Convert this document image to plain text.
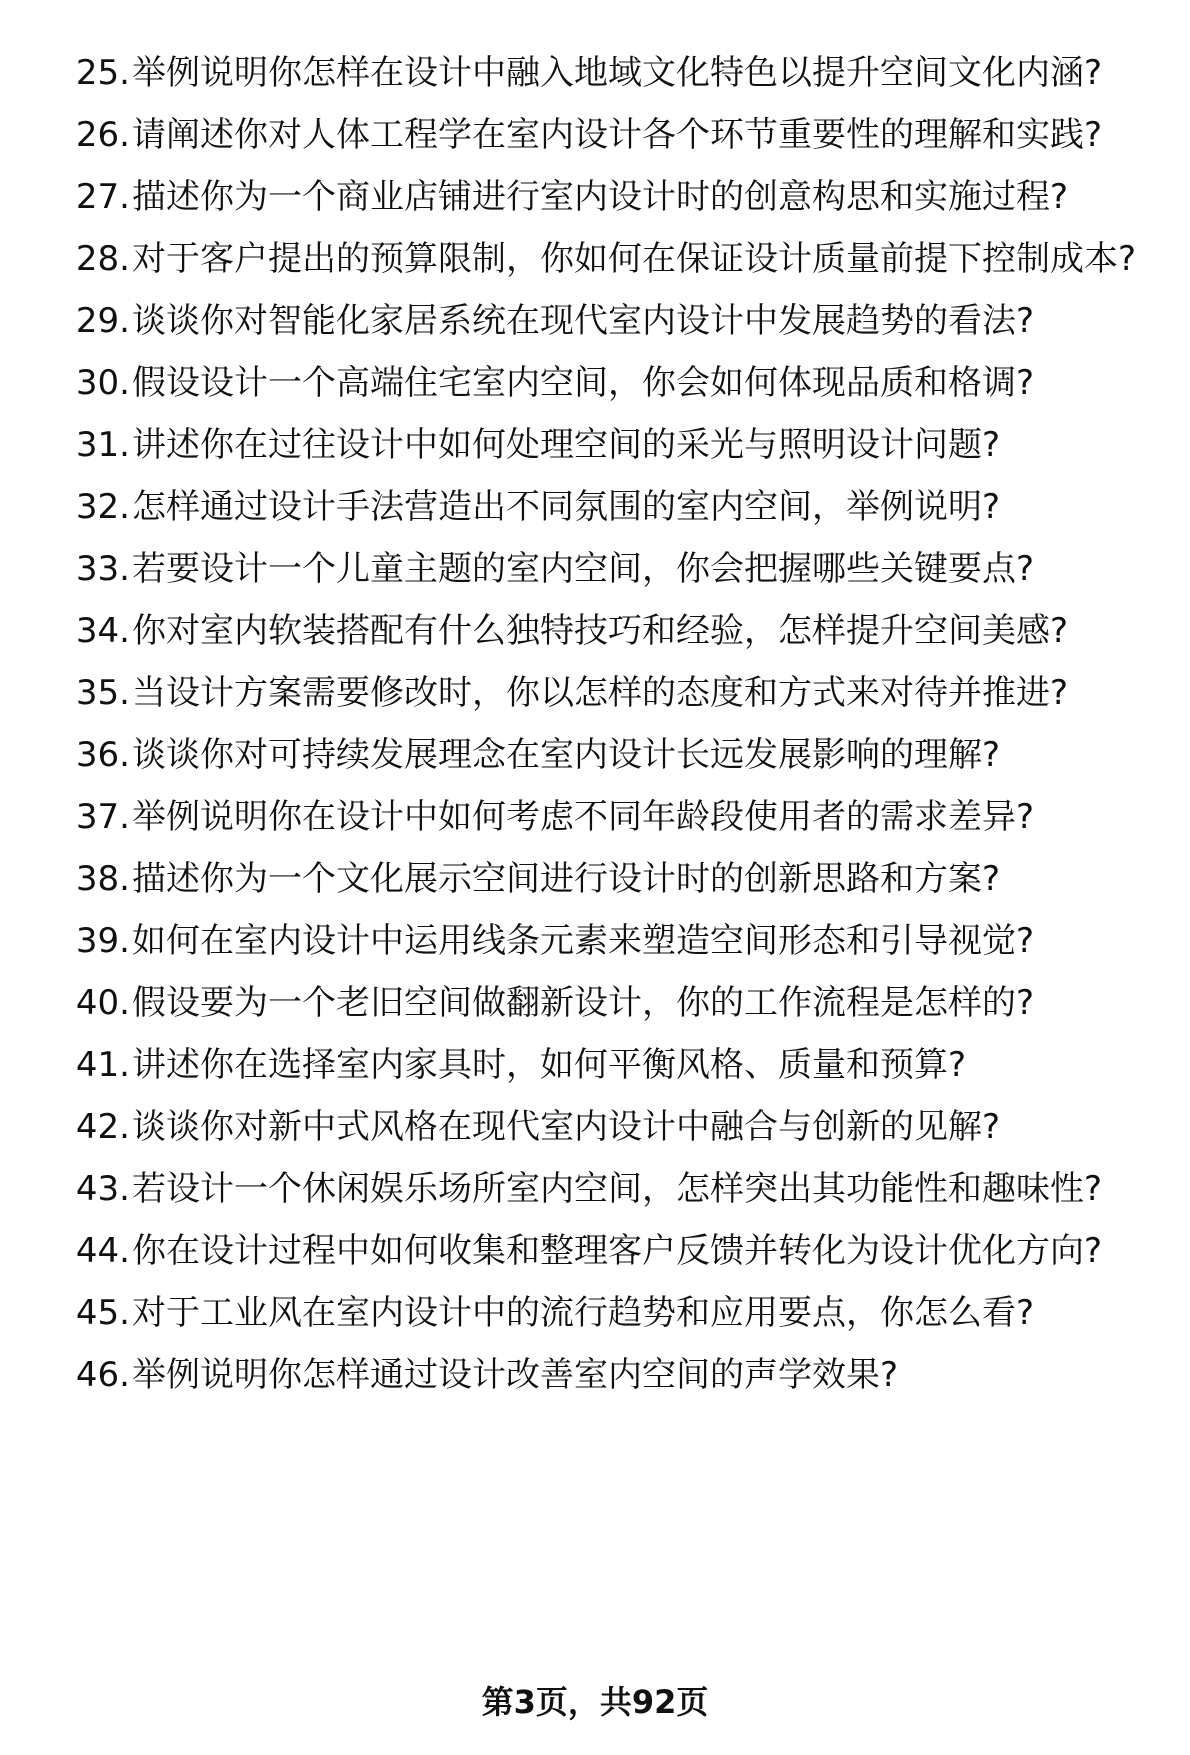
25. 举例说明你怎样在设计中融入地域文化特色以提升空间文化内涵?
26. 请阐述你对人体工程学在室内设计各个环节重要性的理解和实践?
27. 描述你为一个商业店铺进行室内设计时的创意构思和实施过程?
28. 对于客户提出的预算限制，你如何在保证设计质量前提下控制成本?
29. 谈谈你对智能化家居系统在现代室内设计中发展趋势的看法?
30. 假设设计一个高端住宅室内空间，你会如何体现品质和格调?
31. 讲述你在过往设计中如何处理空间的采光与照明设计问题?
32. 怎样通过设计手法营造出不同氛围的室内空间，举例说明?
33. 若要设计一个儿童主题的室内空间，你会把握哪些关键要点?
34. 你对室内软装搭配有什么独特技巧和经验，怎样提升空间美感?
35. 当设计方案需要修改时，你以怎样的态度和方式来对待并推进?
36. 谈谈你对可持续发展理念在室内设计长远发展影响的理解?
37. 举例说明你在设计中如何考虑不同年龄段使用者的需求差异?
38. 描述你为一个文化展示空间进行设计时的创新思路和方案?
39. 如何在室内设计中运用线条元素来塑造空间形态和引导视觉?
40. 假设要为一个老旧空间做翻新设计，你的工作流程是怎样的?
41. 讲述你在选择室内家具时，如何平衡风格、质量和预算?
42. 谈谈你对新中式风格在现代室内设计中融合与创新的见解?
43. 若设计一个休闲娱乐场所室内空间，怎样突出其功能性和趣味性?
44. 你在设计过程中如何收集和整理客户反馈并转化为设计优化方向?
45. 对于工业风在室内设计中的流行趋势和应用要点，你怎么看?
46. 举例说明你怎样通过设计改善室内空间的声学效果?
第3页，共92页
